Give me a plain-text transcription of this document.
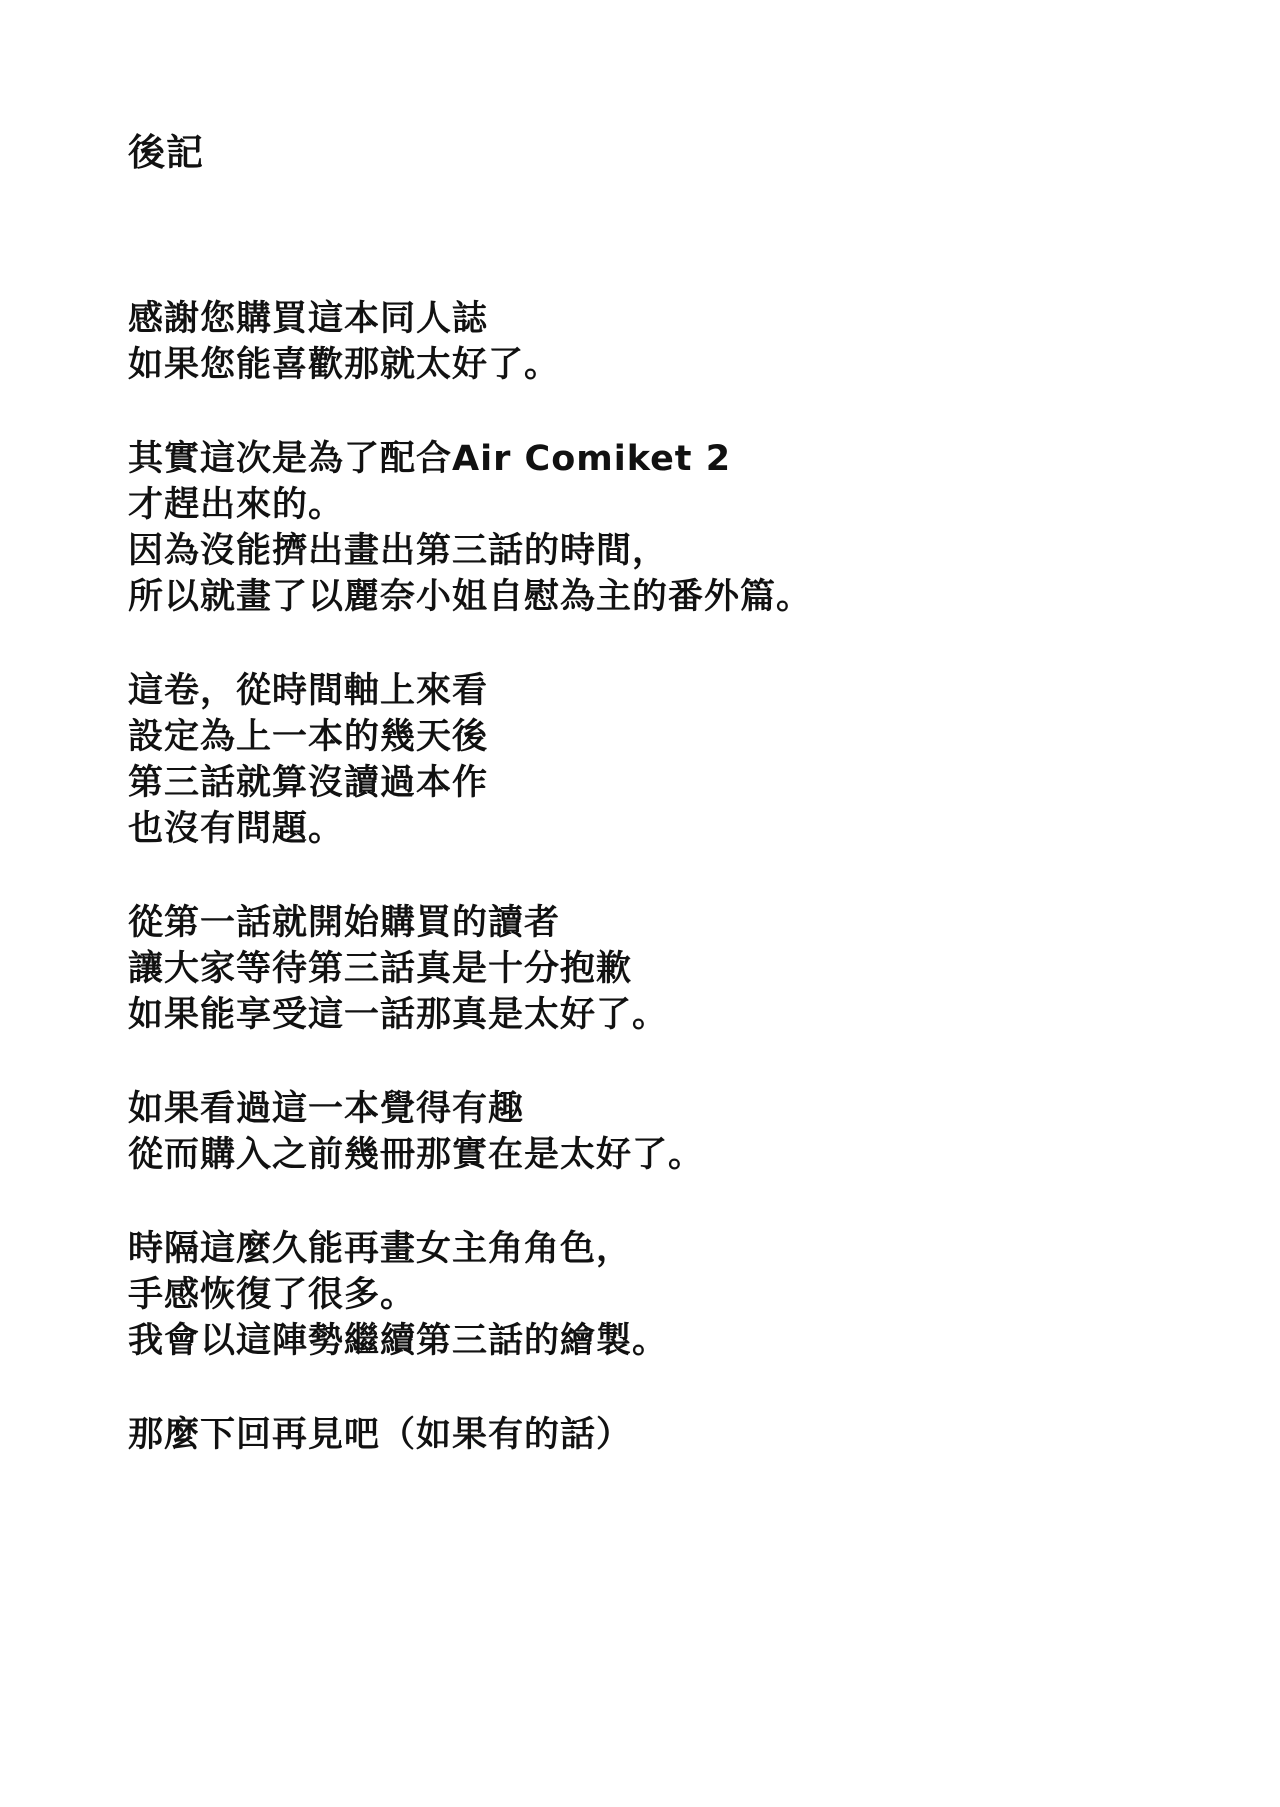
後記

感謝您購買這本同人誌
如果您能喜歡那就太好了。

其實這次是為了配合Air Comiket 2
才趕出來的。
因為沒能擠出畫出第三話的時間，
所以就畫了以麗奈小姐自慰為主的番外篇。

這卷，從時間軸上來看
設定為上一本的幾天後
第三話就算沒讀過本作
也沒有問題。

從第一話就開始購買的讀者
讓大家等待第三話真是十分抱歉
如果能享受這一話那真是太好了。

如果看過這一本覺得有趣
從而購入之前幾冊那實在是太好了。

時隔這麼久能再畫女主角角色，
手感恢復了很多。
我會以這陣勢繼續第三話的繪製。

那麼下回再見吧（如果有的話）
